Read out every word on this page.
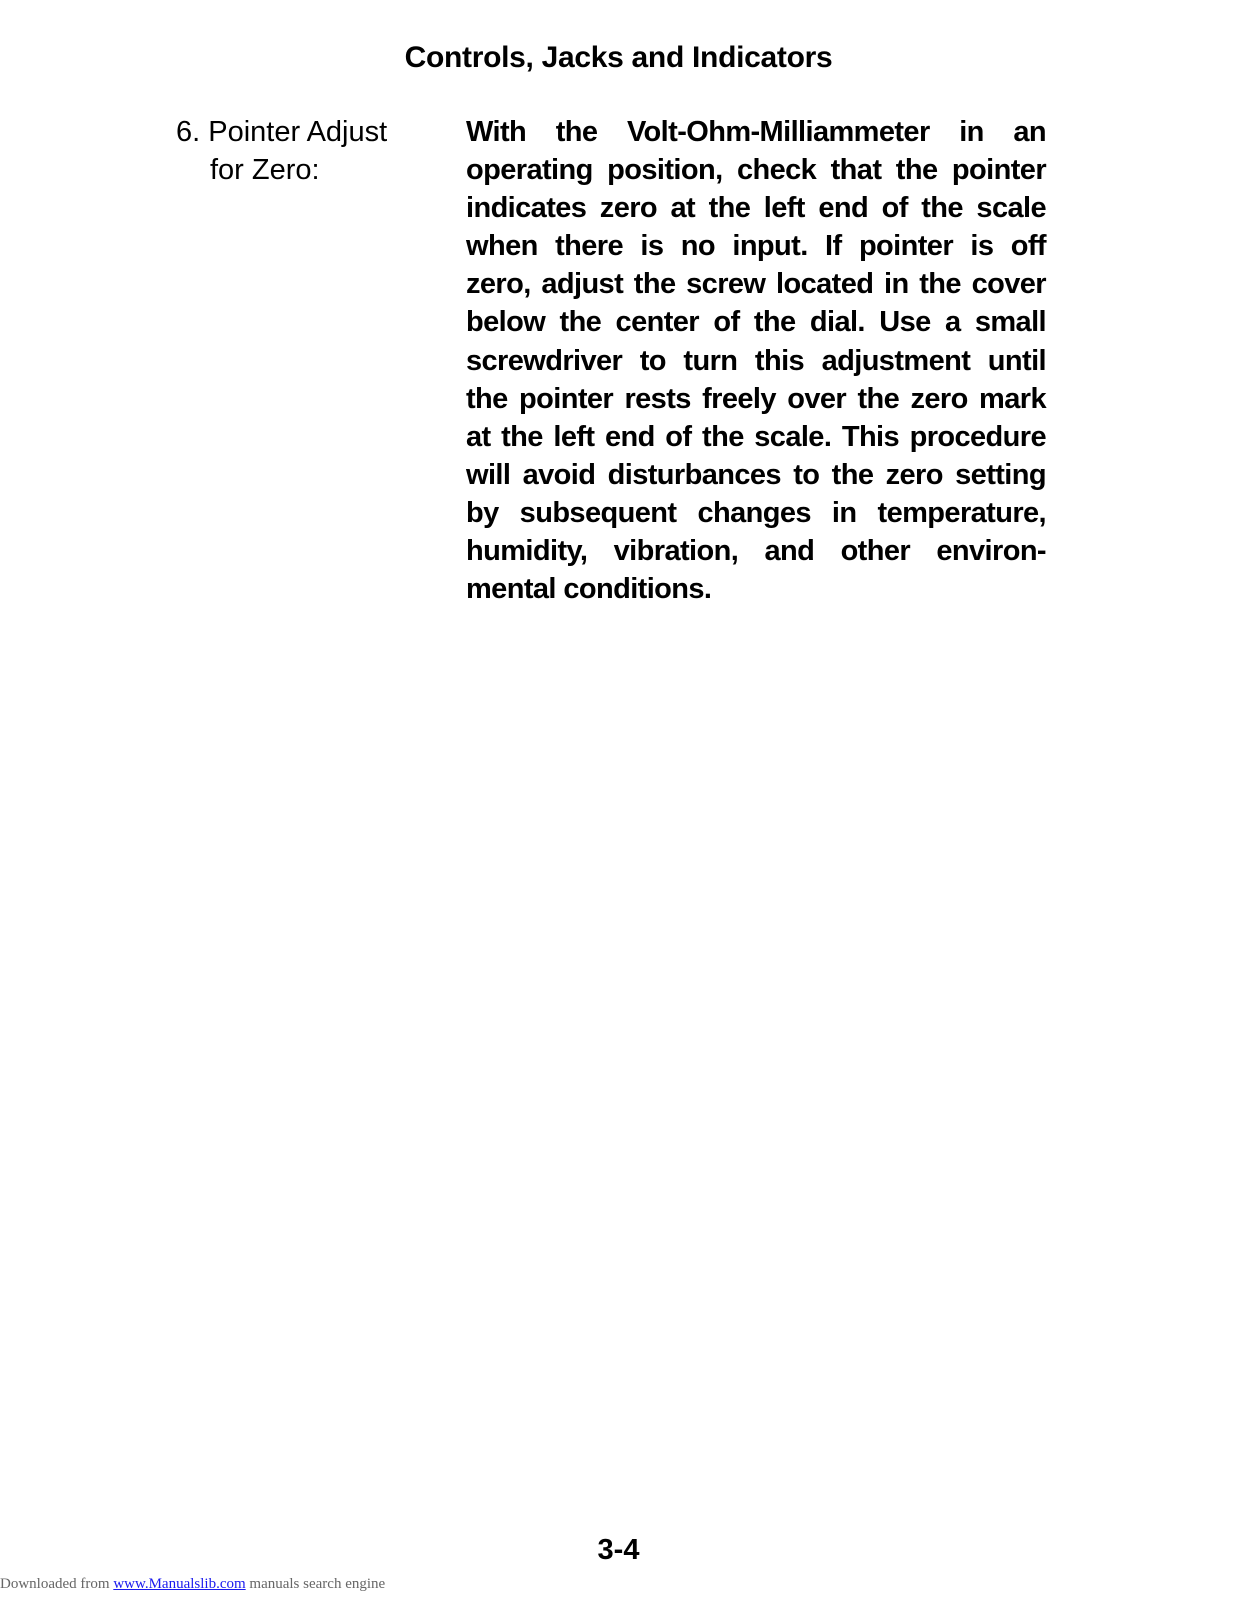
Controls, Jacks and Indicators
6. Pointer Adjust
for Zero:
With the Volt-Ohm-Milliammeter in an
operating position, check that the pointer
indicates zero at the left end of the scale
when there is no input. If pointer is off
zero, adjust the screw located in the cover
below the center of the dial. Use a small
screwdriver to turn this adjustment until
the pointer rests freely over the zero mark
at the left end of the scale. This procedure
will avoid disturbances to the zero setting
by subsequent changes in temperature,
humidity, vibration, and other environ-
mental conditions.
3-4
Downloaded from www.Manualslib.com manuals search engine
